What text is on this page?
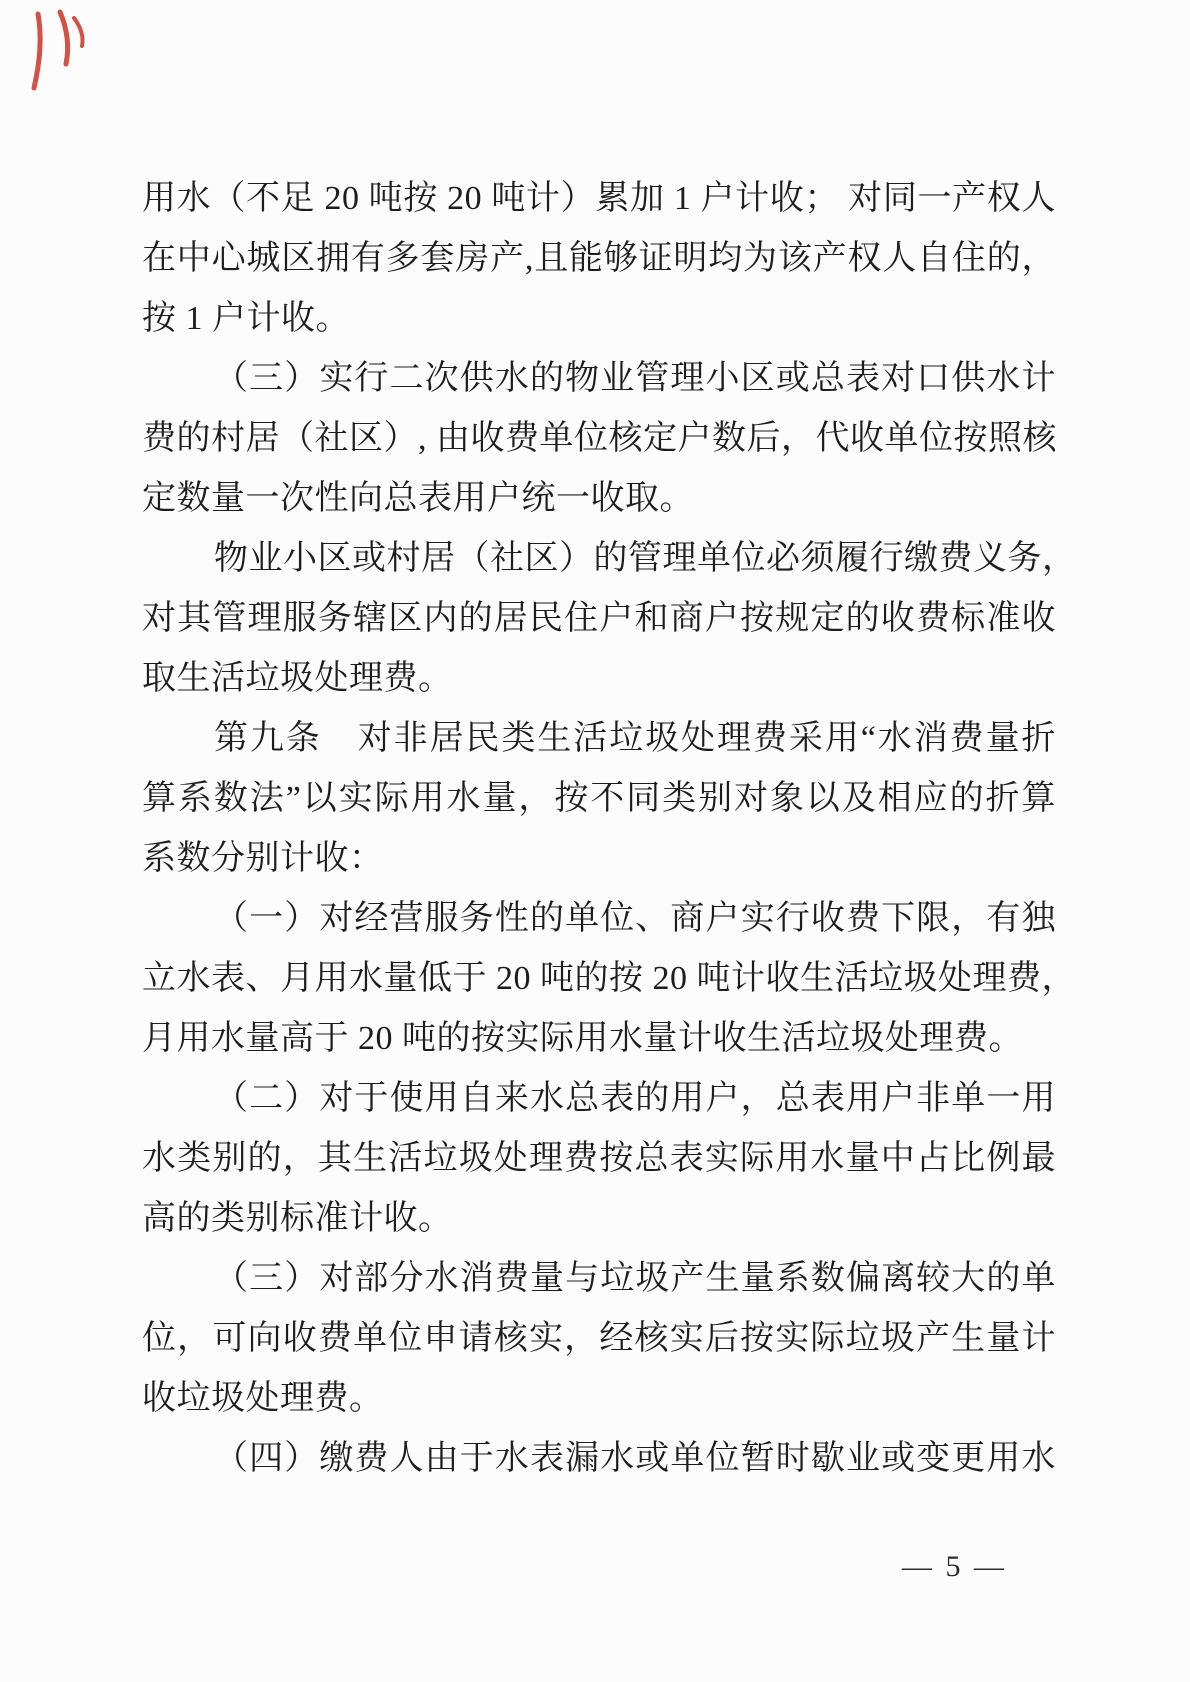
用水（不足 20 吨按 20 吨计）累加 1 户计收； 对同一产权人
在中心城区拥有多套房产,且能够证明均为该产权人自住的，
按 1 户计收。
（三）实行二次供水的物业管理小区或总表对口供水计
费的村居（社区）, 由收费单位核定户数后，代收单位按照核
定数量一次性向总表用户统一收取。
物业小区或村居（社区）的管理单位必须履行缴费义务，
对其管理服务辖区内的居民住户和商户按规定的收费标准收
取生活垃圾处理费。
第九条　对非居民类生活垃圾处理费采用“水消费量折
算系数法”以实际用水量，按不同类别对象以及相应的折算
系数分别计收：
（一）对经营服务性的单位、商户实行收费下限，有独
立水表、月用水量低于 20 吨的按 20 吨计收生活垃圾处理费，
月用水量高于 20 吨的按实际用水量计收生活垃圾处理费。
（二）对于使用自来水总表的用户，总表用户非单一用
水类别的，其生活垃圾处理费按总表实际用水量中占比例最
高的类别标准计收。
（三）对部分水消费量与垃圾产生量系数偏离较大的单
位，可向收费单位申请核实，经核实后按实际垃圾产生量计
收垃圾处理费。
（四）缴费人由于水表漏水或单位暂时歇业或变更用水
— 5 —
